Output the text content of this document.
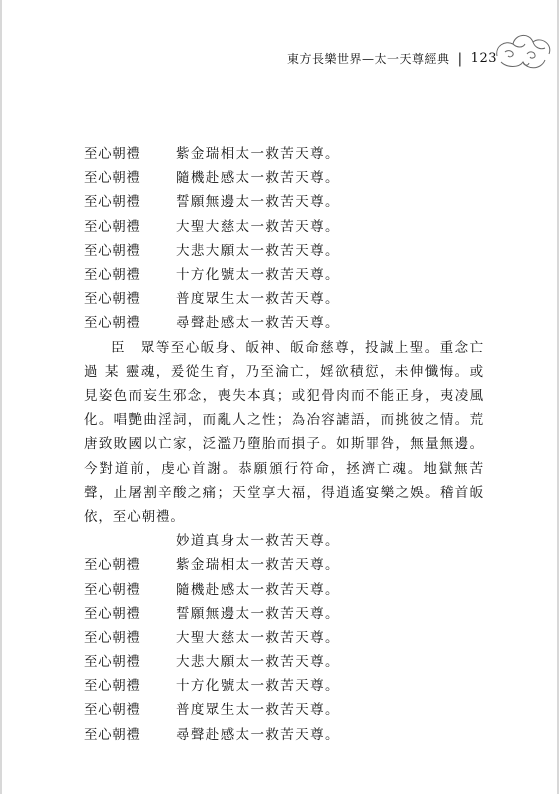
東方長樂世界—太一天尊經典 | 123
至心朝禮	紫金瑞相太一救苦天尊。
至心朝禮	隨機赴感太一救苦天尊。
至心朝禮	誓願無邊太一救苦天尊。
至心朝禮	大聖大慈太一救苦天尊。
至心朝禮	大悲大願太一救苦天尊。
至心朝禮	十方化號太一救苦天尊。
至心朝禮	普度眾生太一救苦天尊。
至心朝禮	尋聲赴感太一救苦天尊。
臣　眾等至心皈身、皈神、皈命慈尊，投誠上聖。重念亡過 某 靈魂，爰從生育，乃至淪亡，婬欲積愆，未伸懺悔。或見姿色而妄生邪念，喪失本真；或犯骨肉而不能正身，夷凌風化。唱艷曲淫詞，而亂人之性；為冶容謔語，而挑彼之情。荒唐致敗國以亡家，泛濫乃墮胎而損子。如斯罪咎，無量無邊。今對道前，虔心首謝。恭願頒行符命，拯濟亡魂。地獄無苦聲，止屠割辛酸之痛；天堂享大福，得逍遙宴樂之娛。稽首皈依，至心朝禮。
妙道真身太一救苦天尊。
至心朝禮	紫金瑞相太一救苦天尊。
至心朝禮	隨機赴感太一救苦天尊。
至心朝禮	誓願無邊太一救苦天尊。
至心朝禮	大聖大慈太一救苦天尊。
至心朝禮	大悲大願太一救苦天尊。
至心朝禮	十方化號太一救苦天尊。
至心朝禮	普度眾生太一救苦天尊。
至心朝禮	尋聲赴感太一救苦天尊。
